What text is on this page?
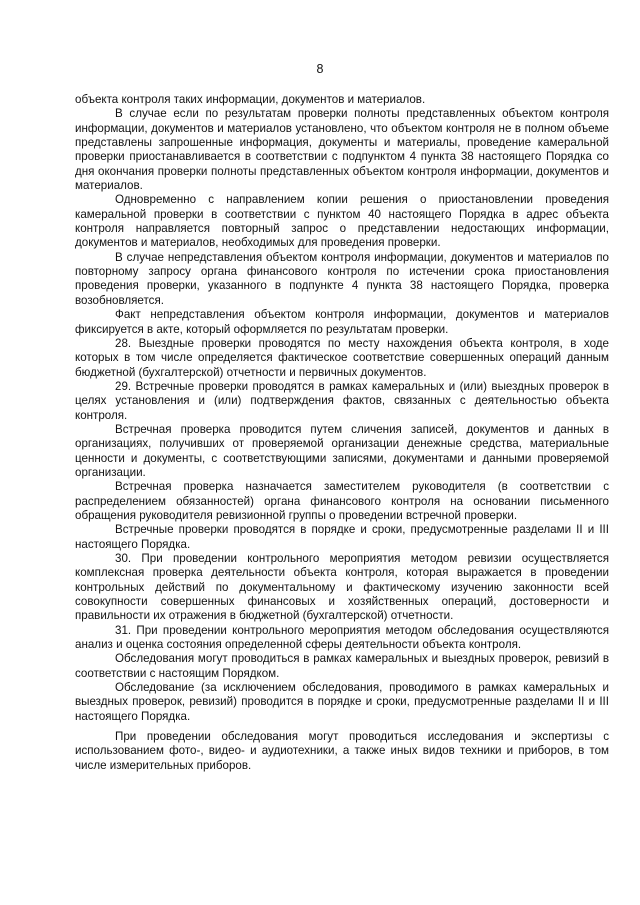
8

объекта контроля таких информации, документов и материалов.

В случае если по результатам проверки полноты представленных объектом контроля информации, документов и материалов установлено, что объектом контроля не в полном объеме представлены запрошенные информация, документы и материалы, проведение камеральной проверки приостанавливается в соответствии с подпунктом 4 пункта 38 настоящего Порядка со дня окончания проверки полноты представленных объектом контроля информации, документов и материалов.

Одновременно с направлением копии решения о приостановлении проведения камеральной проверки в соответствии с пунктом 40 настоящего Порядка в адрес объекта контроля направляется повторный запрос о представлении недостающих информации, документов и материалов, необходимых для проведения проверки.

В случае непредставления объектом контроля информации, документов и материалов по повторному запросу органа финансового контроля по истечении срока приостановления проведения проверки, указанного в подпункте 4 пункта 38 настоящего Порядка, проверка возобновляется.

Факт непредставления объектом контроля информации, документов и материалов фиксируется в акте, который оформляется по результатам проверки.

28. Выездные проверки проводятся по месту нахождения объекта контроля, в ходе которых в том числе определяется фактическое соответствие совершенных операций данным бюджетной (бухгалтерской) отчетности и первичных документов.

29. Встречные проверки проводятся в рамках камеральных и (или) выездных проверок в целях установления и (или) подтверждения фактов, связанных с деятельностью объекта контроля.

Встречная проверка проводится путем сличения записей, документов и данных в организациях, получивших от проверяемой организации денежные средства, материальные ценности и документы, с соответствующими записями, документами и данными проверяемой организации.

Встречная проверка назначается заместителем руководителя (в соответствии с распределением обязанностей) органа финансового контроля на основании письменного обращения руководителя ревизионной группы о проведении встречной проверки.

Встречные проверки проводятся в порядке и сроки, предусмотренные разделами II и III настоящего Порядка.

30. При проведении контрольного мероприятия методом ревизии осуществляется комплексная проверка деятельности объекта контроля, которая выражается в проведении контрольных действий по документальному и фактическому изучению законности всей совокупности совершенных финансовых и хозяйственных операций, достоверности и правильности их отражения в бюджетной (бухгалтерской) отчетности.

31. При проведении контрольного мероприятия методом обследования осуществляются анализ и оценка состояния определенной сферы деятельности объекта контроля.

Обследования могут проводиться в рамках камеральных и выездных проверок, ревизий в соответствии с настоящим Порядком.

Обследование (за исключением обследования, проводимого в рамках камеральных и выездных проверок, ревизий) проводится в порядке и сроки, предусмотренные разделами II и III настоящего Порядка.

При проведении обследования могут проводиться исследования и экспертизы с использованием фото-, видео- и аудиотехники, а также иных видов техники и приборов, в том числе измерительных приборов.
